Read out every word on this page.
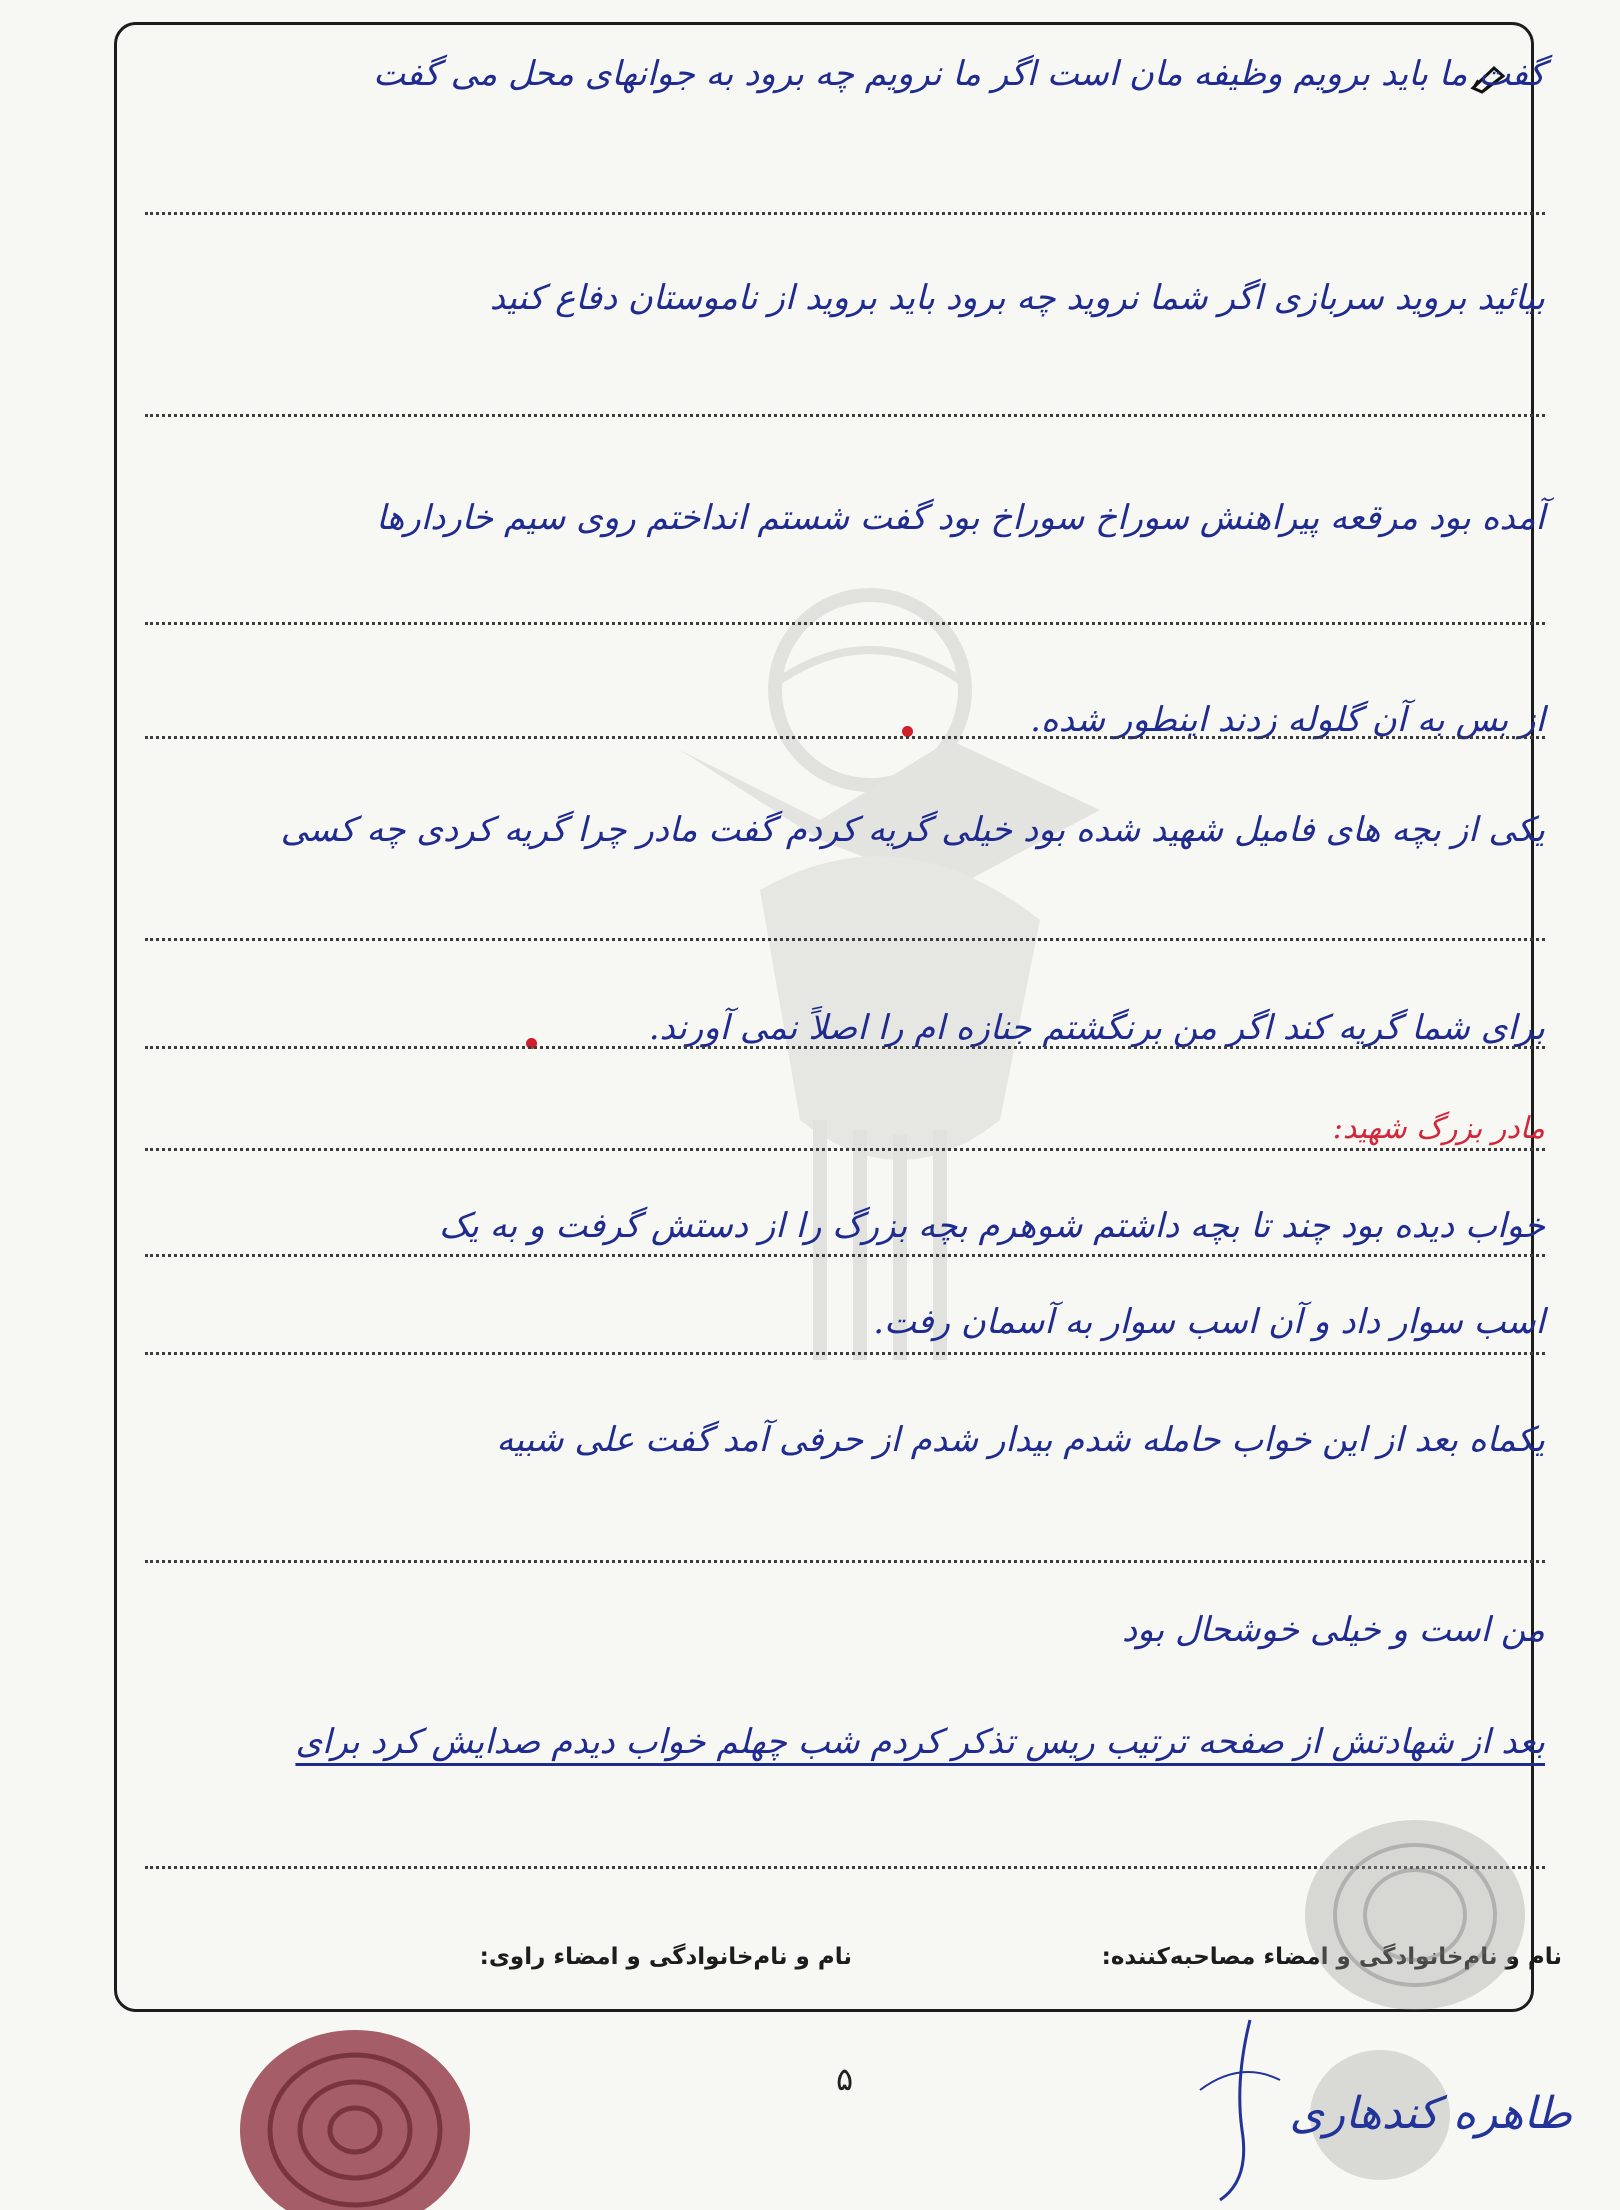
گفت ما باید برویم وظیفه مان است اگر ما نرویم چه برود به جوانهای محل می گفت
بیائید بروید سربازی اگر شما نروید چه برود باید بروید از ناموستان دفاع کنید
آمده بود مرقعه پیراهنش سوراخ سوراخ بود گفت شستم انداختم روی سیم خاردارها
از بس به آن گلوله زدند اینطور شده.
یکی از بچه های فامیل شهید شده بود خیلی گریه کردم گفت مادر چرا گریه کردی چه کسی
برای شما گریه کند اگر من برنگشتم جنازه ام را اصلاً نمی آورند.
مادر بزرگ شهید:
خواب دیده بود چند تا بچه داشتم شوهرم بچه بزرگ را از دستش گرفت و به یک
اسب سوار داد و آن اسب سوار به آسمان رفت.
یکماه بعد از این خواب حامله شدم بیدار شدم از حرفی آمد گفت علی شبیه
من است و خیلی خوشحال بود
بعد از شهادتش از صفحه ترتیب ریس تذکر کردم شب چهلم خواب دیدم صدایش کرد برای
نام و نام‌خانوادگی و امضاء مصاحبه‌کننده:
نام و نام‌خانوادگی و امضاء راوی:
۵
طاهره کندهاری
